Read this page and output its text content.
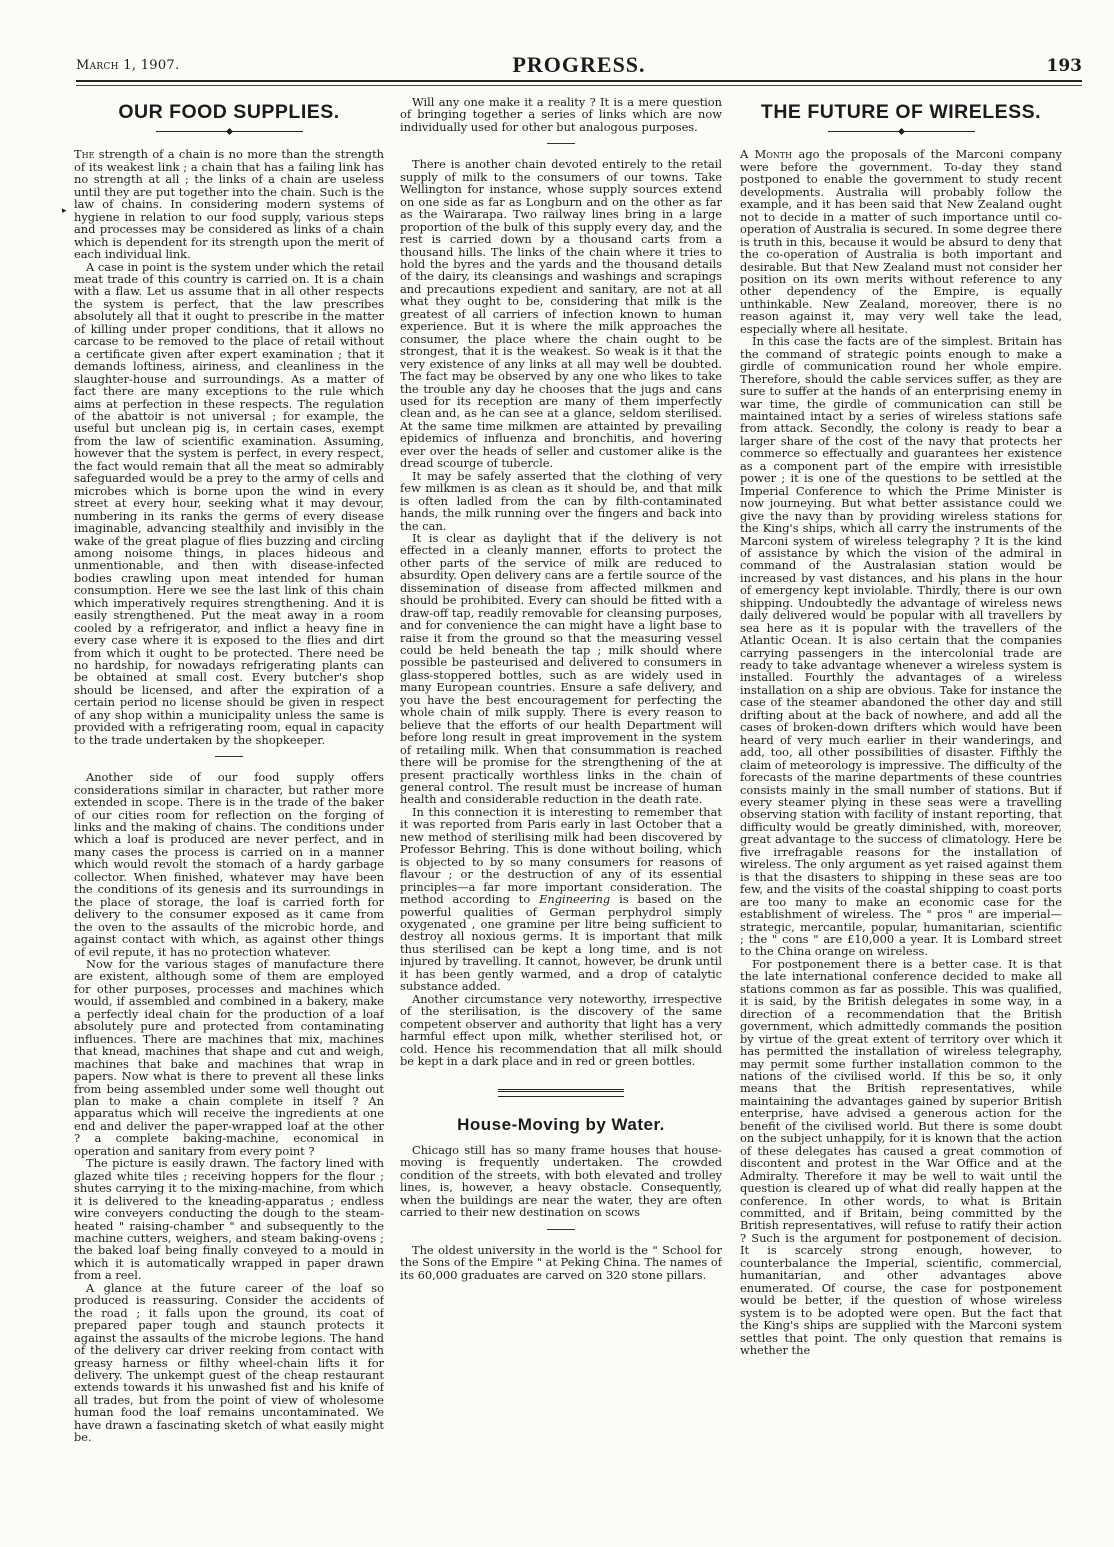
March 1, 1907.	PROGRESS.	193
▸
OUR FOOD SUPPLIES.

The strength of a chain is no more than the strength of its weakest link ; a chain that has a failing link has no strength at all ; the links of a chain are useless until they are put together into the chain. Such is the law of chains. In considering modern systems of hygiene in relation to our food supply, various steps and processes may be considered as links of a chain which is dependent for its strength upon the merit of each individual link.

A case in point is the system under which the retail meat trade of this country is carried on. It is a chain with a flaw. Let us assume that in all other respects the system is perfect, that the law prescribes absolutely all that it ought to prescribe in the matter of killing under proper conditions, that it allows no carcase to be removed to the place of retail without a certificate given after expert examination ; that it demands loftiness, airiness, and cleanliness in the slaughter-house and surroundings. As a matter of fact there are many exceptions to the rule which aims at perfection in these respects. The regulation of the abattoir is not universal ; for example, the useful but unclean pig is, in certain cases, exempt from the law of scientific examination. Assuming, however that the system is perfect, in every respect, the fact would remain that all the meat so admirably safeguarded would be a prey to the army of cells and microbes which is borne upon the wind in every street at every hour, seeking what it may devour, numbering in its ranks the germs of every disease imaginable, advancing stealthily and invisibly in the wake of the great plague of flies buzzing and circling among noisome things, in places hideous and unmentionable, and then with disease-infected bodies crawling upon meat intended for human consumption. Here we see the last link of this chain which imperatively requires strengthening. And it is easily strengthened. Put the meat away in a room cooled by a refrigerator, and inflict a heavy fine in every case where it is exposed to the flies and dirt from which it ought to be protected. There need be no hardship, for nowadays refrigerating plants can be obtained at small cost. Every butcher's shop should be licensed, and after the expiration of a certain period no license should be given in respect of any shop within a municipality unless the same is provided with a refrigerating room, equal in capacity to the trade undertaken by the shopkeeper.

Another side of our food supply offers considerations similar in character, but rather more extended in scope. There is in the trade of the baker of our cities room for reflection on the forging of links and the making of chains. The conditions under which a loaf is produced are never perfect, and in many cases the process is carried on in a manner which would revolt the stomach of a hardy garbage collector. When finished, whatever may have been the conditions of its genesis and its surroundings in the place of storage, the loaf is carried forth for delivery to the consumer exposed as it came from the oven to the assaults of the microbic horde, and against contact with which, as against other things of evil repute, it has no protection whatever.

Now for the various stages of manufacture there are existent, although some of them are employed for other purposes, processes and machines which would, if assembled and combined in a bakery, make a perfectly ideal chain for the production of a loaf absolutely pure and protected from contaminating influences. There are machines that mix, machines that knead, machines that shape and cut and weigh, machines that bake and machines that wrap in papers. Now what is there to prevent all these links from being assembled under some well thought out plan to make a chain complete in itself ? An apparatus which will receive the ingredients at one end and deliver the paper-wrapped loaf at the other ? a complete baking-machine, economical in operation and sanitary from every point ?

The picture is easily drawn. The factory lined with glazed white tiles ; receiving hoppers for the flour ; shutes carrying it to the mixing-machine, from which it is delivered to the kneading-apparatus ; endless wire conveyers conducting the dough to the steam-heated " raising-chamber " and subsequently to the machine cutters, weighers, and steam baking-ovens ; the baked loaf being finally conveyed to a mould in which it is automatically wrapped in paper drawn from a reel.

A glance at the future career of the loaf so produced is reassuring. Consider the accidents of the road ; it falls upon the ground, its coat of prepared paper tough and staunch protects it against the assaults of the microbe legions. The hand of the delivery car driver reeking from contact with greasy harness or filthy wheel-chain lifts it for delivery. The unkempt guest of the cheap restaurant extends towards it his unwashed fist and his knife of all trades, but from the point of view of wholesome human food the loaf remains uncontaminated. We have drawn a fascinating sketch of what easily might be.

Will any one make it a reality ? It is a mere question of bringing together a series of links which are now individually used for other but analogous purposes.

There is another chain devoted entirely to the retail supply of milk to the consumers of our towns. Take Wellington for instance, whose supply sources extend on one side as far as Longburn and on the other as far as the Wairarapa. Two railway lines bring in a large proportion of the bulk of this supply every day, and the rest is carried down by a thousand carts from a thousand hills. The links of the chain where it tries to hold the byres and the yards and the thousand details of the dairy, its cleansings and washings and scrapings and precautions expedient and sanitary, are not at all what they ought to be, considering that milk is the greatest of all carriers of infection known to human experience. But it is where the milk approaches the consumer, the place where the chain ought to be strongest, that it is the weakest. So weak is it that the very existence of any links at all may well be doubted. The fact may be observed by any one who likes to take the trouble any day he chooses that the jugs and cans used for its reception are many of them imperfectly clean and, as he can see at a glance, seldom sterilised. At the same time milkmen are attainted by prevailing epidemics of influenza and bronchitis, and hovering ever over the heads of seller and customer alike is the dread scourge of tubercle.

It may be safely asserted that the clothing of very few milkmen is as clean as it should be, and that milk is often ladled from the can by filth-contaminated hands, the milk running over the fingers and back into the can.

It is clear as daylight that if the delivery is not effected in a cleanly manner, efforts to protect the other parts of the service of milk are reduced to absurdity. Open delivery cans are a fertile source of the dissemination of disease from affected milkmen and should be prohibited. Every can should be fitted with a draw-off tap, readily removable for cleansing purposes, and for convenience the can might have a light base to raise it from the ground so that the measuring vessel could be held beneath the tap ; milk should where possible be pasteurised and delivered to consumers in glass-stoppered bottles, such as are widely used in many European countries. Ensure a safe delivery, and you have the best encouragement for perfecting the whole chain of milk supply. There is every reason to believe that the efforts of our health Department will before long result in great improvement in the system of retailing milk. When that consummation is reached there will be promise for the strengthening of the at present practically worthless links in the chain of general control. The result must be increase of human health and considerable reduction in the death rate.

In this connection it is interesting to remember that it was reported from Paris early in last October that a new method of sterilising milk had been discovered by Professor Behring. This is done without boiling, which is objected to by so many consumers for reasons of flavour ; or the destruction of any of its essential principles—a far more important consideration. The method according to Engineering is based on the powerful qualities of German perphydrol simply oxygenated , one gramine per litre being sufficient to destroy all noxious germs. It is important that milk thus sterilised can be kept a long time, and is not injured by travelling. It cannot, however, be drunk until it has been gently warmed, and a drop of catalytic substance added.

Another circumstance very noteworthy, irrespective of the sterilisation, is the discovery of the same competent observer and authority that light has a very harmful effect upon milk, whether sterilised hot, or cold. Hence his recommendation that all milk should be kept in a dark place and in red or green bottles.

House-Moving by Water.

Chicago still has so many frame houses that house-moving is frequently undertaken. The crowded condition of the streets, with both elevated and trolley lines, is, however, a heavy obstacle. Consequently, when the buildings are near the water, they are often carried to their new destination on scows

The oldest university in the world is the " School for the Sons of the Empire " at Peking China. The names of its 60,000 graduates are carved on 320 stone pillars.

THE FUTURE OF WIRELESS.

A Month ago the proposals of the Marconi company were before the government. To-day they stand postponed to enable the government to study recent developments. Australia will probably follow the example, and it has been said that New Zealand ought not to decide in a matter of such importance until co-operation of Australia is secured. In some degree there is truth in this, because it would be absurd to deny that the co-operation of Australia is both important and desirable. But that New Zealand must not consider her position on its own merits without reference to any other dependency of the Empire, is equally unthinkable. New Zealand, moreover, there is no reason against it, may very well take the lead, especially where all hesitate.

In this case the facts are of the simplest. Britain has the command of strategic points enough to make a girdle of communication round her whole empire. Therefore, should the cable services suffer, as they are sure to suffer at the hands of an enterprising enemy in war time, the girdle of communication can still be maintained intact by a series of wireless stations safe from attack. Secondly, the colony is ready to bear a larger share of the cost of the navy that protects her commerce so effectually and guarantees her existence as a component part of the empire with irresistible power ; it is one of the questions to be settled at the Imperial Conference to which the Prime Minister is now journeying. But what better assistance could we give the navy than by providing wireless stations for the King's ships, which all carry the instruments of the Marconi system of wireless telegraphy ? It is the kind of assistance by which the vision of the admiral in command of the Australasian station would be increased by vast distances, and his plans in the hour of emergency kept inviolable. Thirdly, there is our own shipping. Undoubtedly the advantage of wireless news daily delivered would be popular with all travellers by sea here as it is popular with the travellers of the Atlantic Ocean. It is also certain that the companies carrying passengers in the intercolonial trade are ready to take advantage whenever a wireless system is installed. Fourthly the advantages of a wireless installation on a ship are obvious. Take for instance the case of the steamer abandoned the other day and still drifting about at the back of nowhere, and add all the cases of broken-down drifters which would have been heard of very much earlier in their wanderings, and add, too, all other possibilities of disaster. Fifthly the claim of meteorology is impressive. The difficulty of the forecasts of the marine departments of these countries consists mainly in the small number of stations. But if every steamer plying in these seas were a travelling observing station with facility of instant reporting, that difficulty would be greatly diminished, with, moreover, great advantage to the success of climatology. Here be five irrefragable reasons for the installation of wireless. The only argument as yet raised against them is that the disasters to shipping in these seas are too few, and the visits of the coastal shipping to coast ports are too many to make an economic case for the establishment of wireless. The " pros " are imperial—strategic, mercantile, popular, humanitarian, scientific ; the " cons " are £10,000 a year. It is Lombard street to the China orange on wireless.

For postponement there is a better case. It is that the late international conference decided to make all stations common as far as possible. This was qualified, it is said, by the British delegates in some way, in a direction of a recommendation that the British government, which admittedly commands the position by virtue of the great extent of territory over which it has permitted the installation of wireless telegraphy, may permit some further installation common to the nations of the civilised world. If this be so, it only means that the British representatives, while maintaining the advantages gained by superior British enterprise, have advised a generous action for the benefit of the civilised world. But there is some doubt on the subject unhappily, for it is known that the action of these delegates has caused a great commotion of discontent and protest in the War Office and at the Admiralty. Therefore it may be well to wait until the question is cleared up of what did really happen at the conference. In other words, to what is Britain committed, and if Britain, being committed by the British representatives, will refuse to ratify their action ? Such is the argument for postponement of decision. It is scarcely strong enough, however, to counterbalance the Imperial, scientific, commercial, humanitarian, and other advantages above enumerated. Of course, the case for postponement would be better, if the question of whose wireless system is to be adopted were open. But the fact that the King's ships are supplied with the Marconi system settles that point. The only question that remains is whether the
